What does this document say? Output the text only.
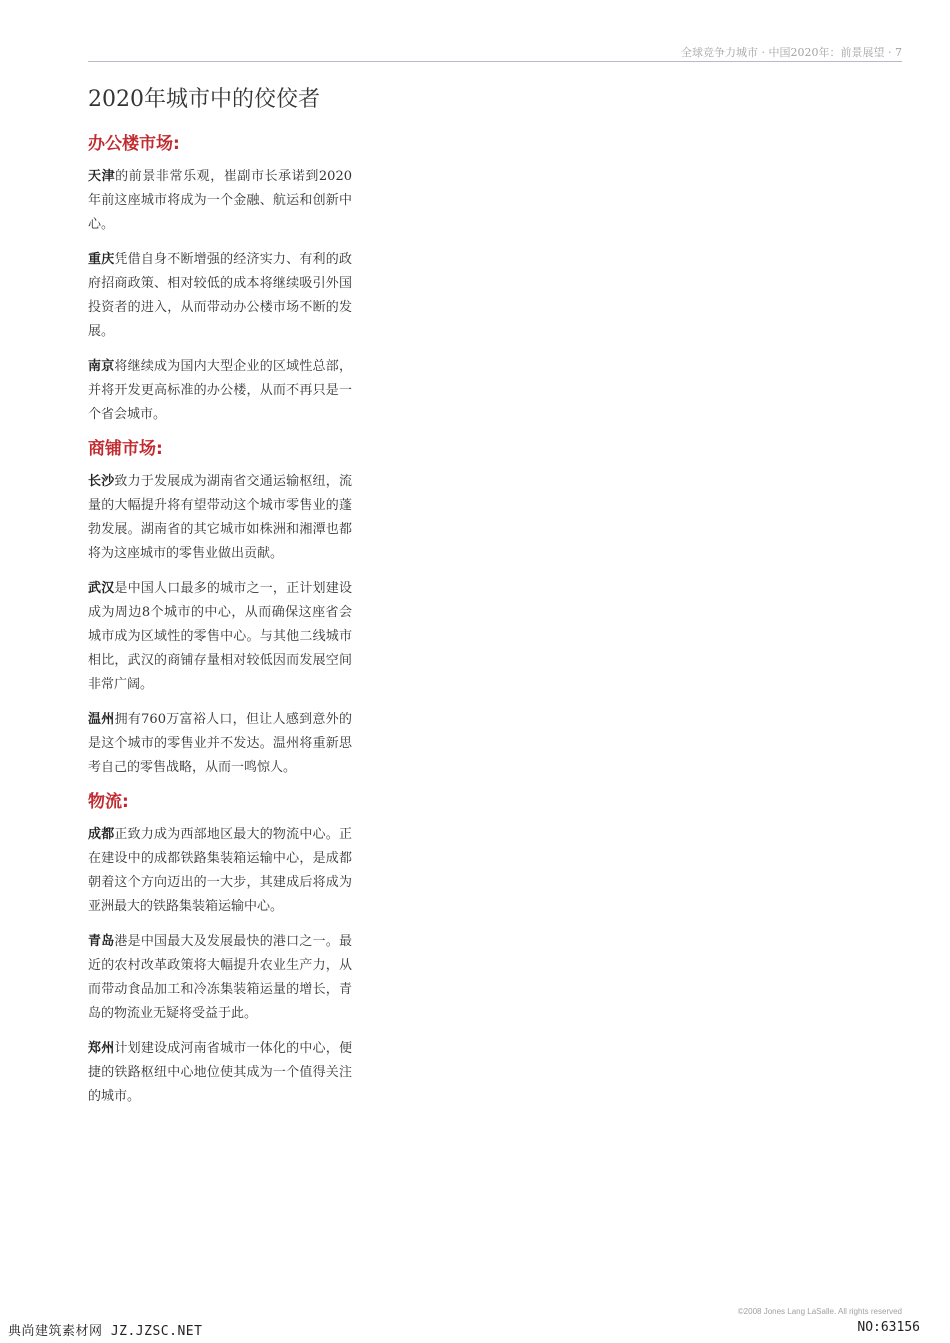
全球竞争力城市 · 中国2020年：前景展望 · 7
2020年城市中的佼佼者
办公楼市场:

天津的前景非常乐观，崔副市长承诺到2020年前这座城市将成为一个金融、航运和创新中心。

重庆凭借自身不断增强的经济实力、有利的政府招商政策、相对较低的成本将继续吸引外国投资者的进入，从而带动办公楼市场不断的发展。

南京将继续成为国内大型企业的区域性总部，并将开发更高标准的办公楼，从而不再只是一个省会城市。

商铺市场:

长沙致力于发展成为湖南省交通运输枢纽，流量的大幅提升将有望带动这个城市零售业的蓬勃发展。湖南省的其它城市如株洲和湘潭也都将为这座城市的零售业做出贡献。

武汉是中国人口最多的城市之一，正计划建设成为周边8个城市的中心，从而确保这座省会城市成为区域性的零售中心。与其他二线城市相比，武汉的商铺存量相对较低因而发展空间非常广阔。

温州拥有760万富裕人口，但让人感到意外的是这个城市的零售业并不发达。温州将重新思考自己的零售战略，从而一鸣惊人。

物流:

成都正致力成为西部地区最大的物流中心。正在建设中的成都铁路集装箱运输中心，是成都朝着这个方向迈出的一大步，其建成后将成为亚洲最大的铁路集装箱运输中心。

青岛港是中国最大及发展最快的港口之一。最近的农村改革政策将大幅提升农业生产力，从而带动食品加工和冷冻集装箱运量的增长，青岛的物流业无疑将受益于此。

郑州计划建设成河南省城市一体化的中心，便捷的铁路枢纽中心地位使其成为一个值得关注的城市。

©2008 Jones Lang LaSalle. All rights reserved
典尚建筑素材网 JZ.JZSC.NET	NO:63156
